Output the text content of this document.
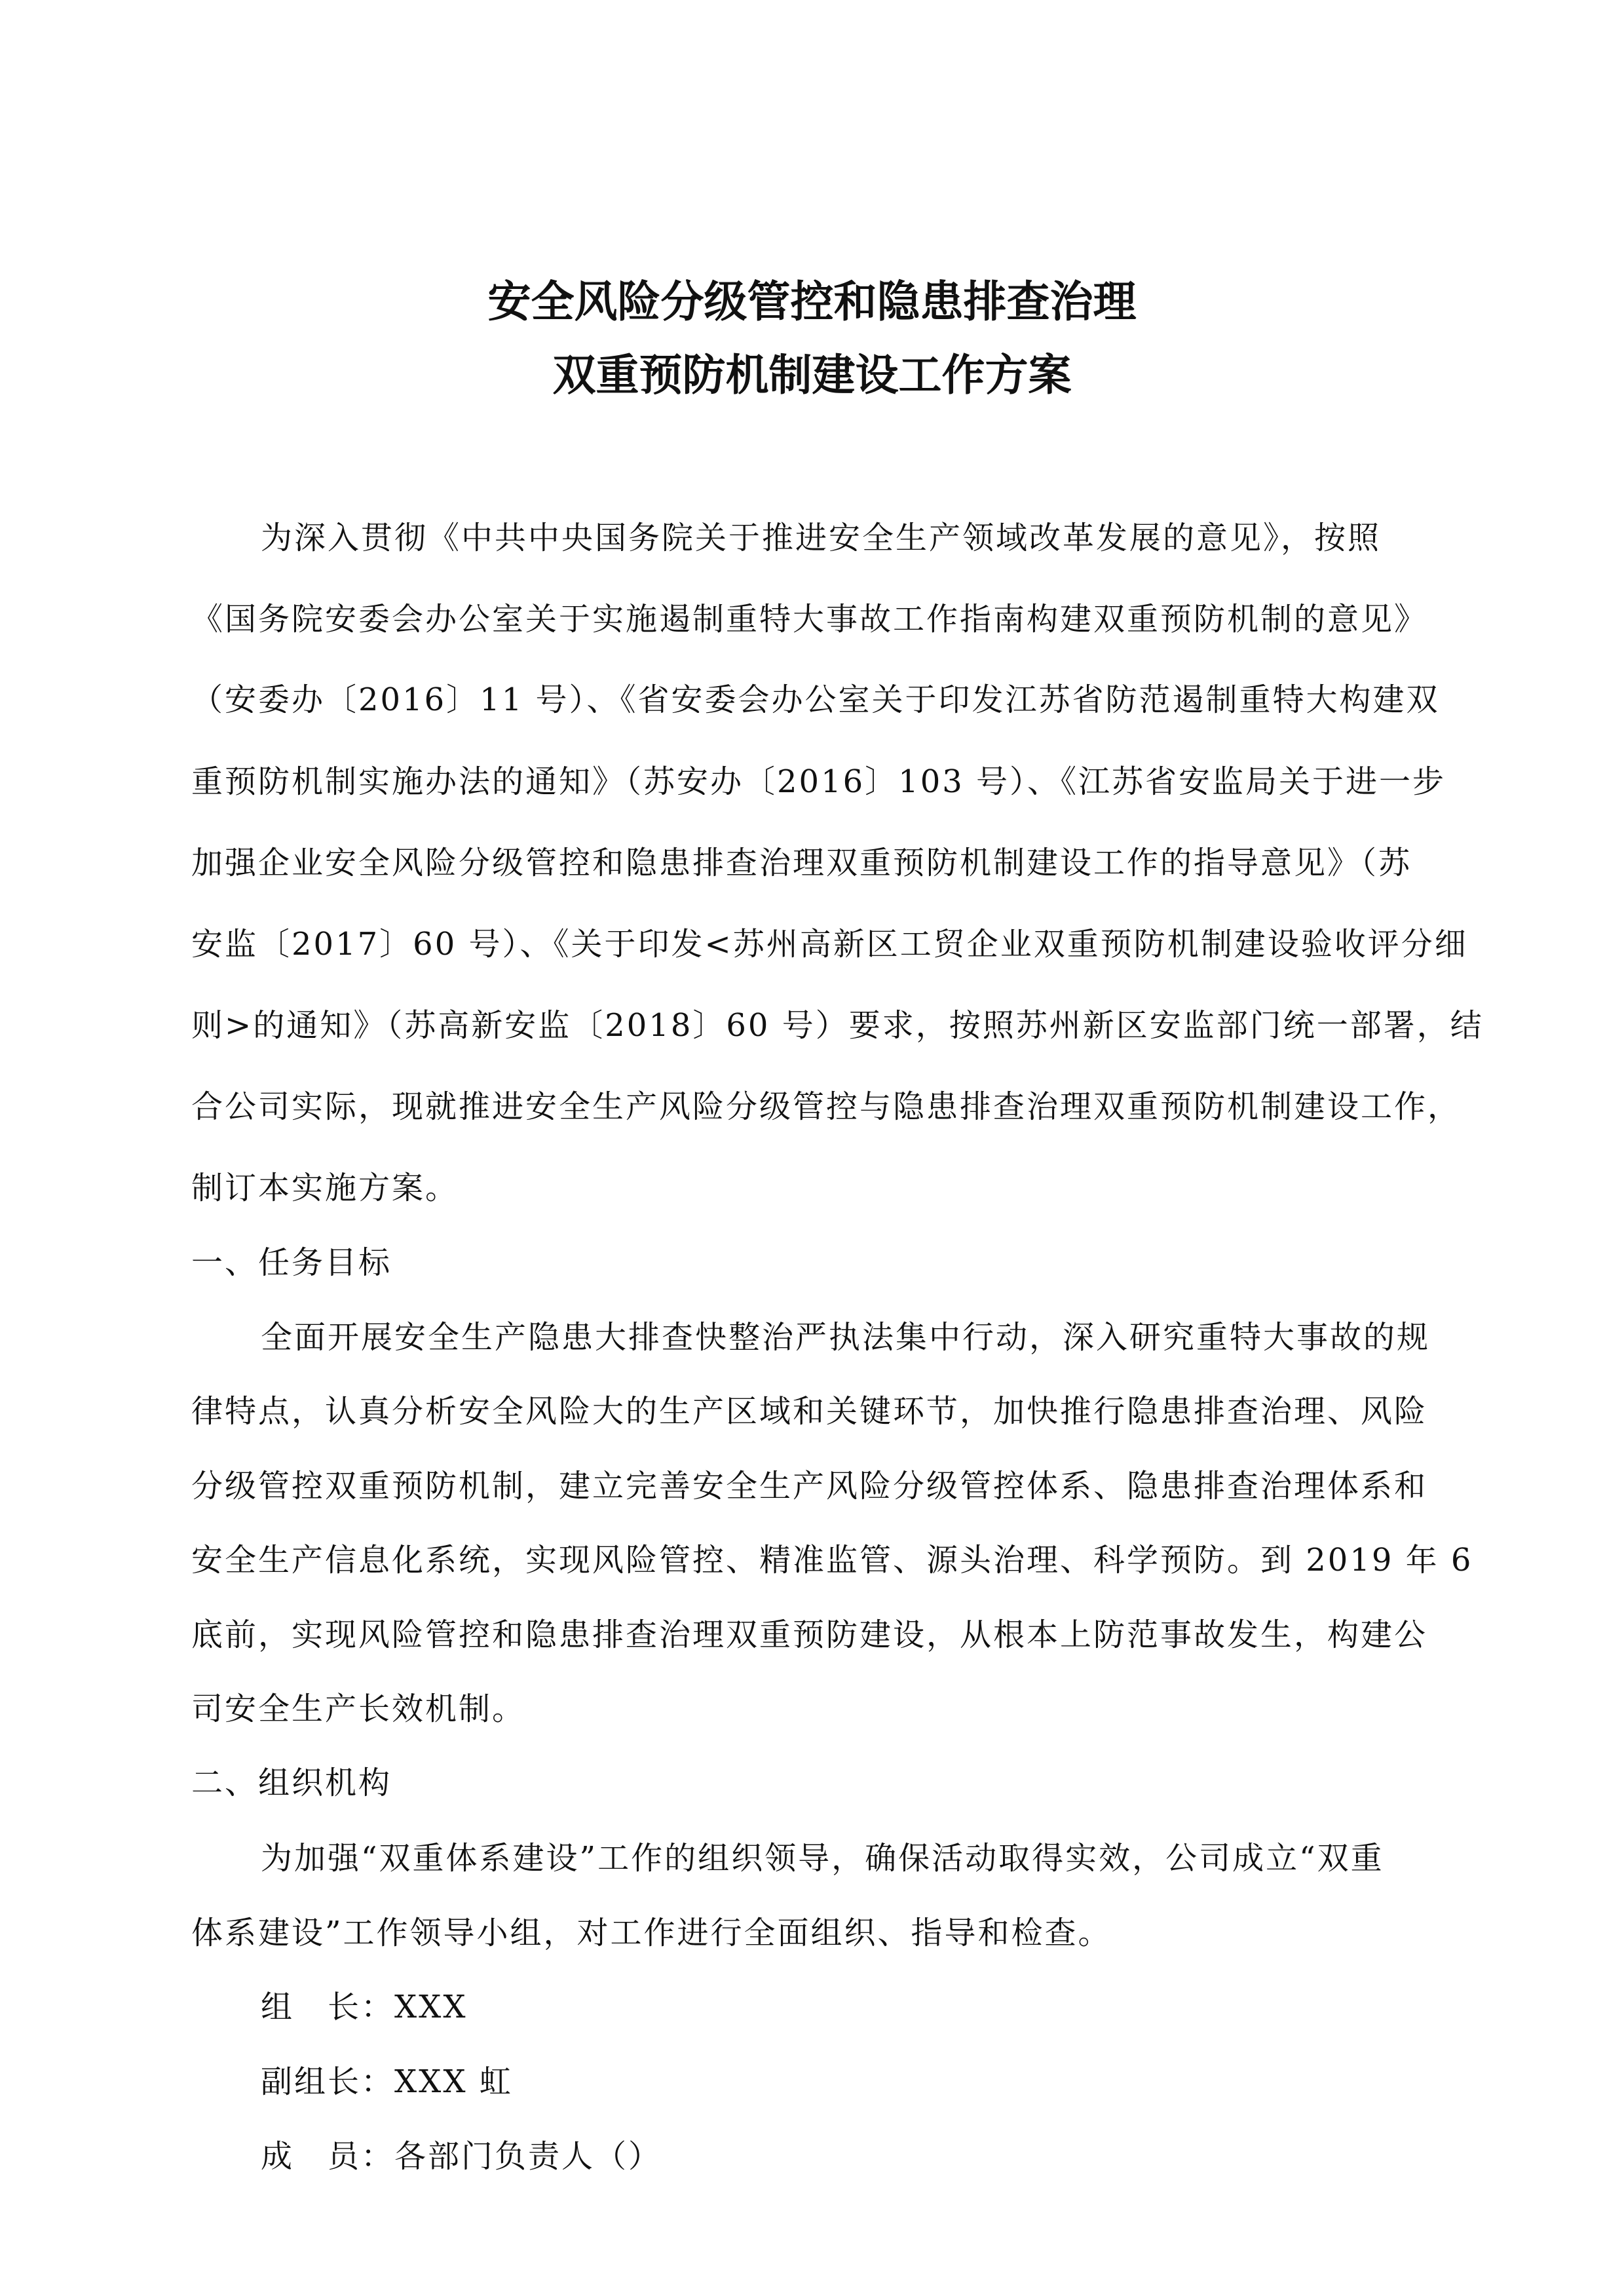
安全风险分级管控和隐患排查治理
双重预防机制建设工作方案
为深入贯彻《中共中央国务院关于推进安全生产领域改革发展的意见》，按照
《国务院安委会办公室关于实施遏制重特大事故工作指南构建双重预防机制的意见》
（安委办〔2016〕11 号）、《省安委会办公室关于印发江苏省防范遏制重特大构建双
重预防机制实施办法的通知》（苏安办〔2016〕103 号）、《江苏省安监局关于进一步
加强企业安全风险分级管控和隐患排查治理双重预防机制建设工作的指导意见》（苏
安监〔2017〕60 号）、《关于印发<苏州高新区工贸企业双重预防机制建设验收评分细
则>的通知》（苏高新安监〔2018〕60 号）要求，按照苏州新区安监部门统一部署，结
合公司实际，现就推进安全生产风险分级管控与隐患排查治理双重预防机制建设工作，
制订本实施方案。
一、任务目标
全面开展安全生产隐患大排查快整治严执法集中行动，深入研究重特大事故的规
律特点，认真分析安全风险大的生产区域和关键环节，加快推行隐患排查治理、风险
分级管控双重预防机制，建立完善安全生产风险分级管控体系、隐患排查治理体系和
安全生产信息化系统，实现风险管控、精准监管、源头治理、科学预防。到 2019 年 6
底前，实现风险管控和隐患排查治理双重预防建设，从根本上防范事故发生，构建公
司安全生产长效机制。
二、组织机构
为加强“双重体系建设”工作的组织领导，确保活动取得实效，公司成立“双重
体系建设”工作领导小组，对工作进行全面组织、指导和检查。
组　长：XXX
副组长：XXX 虹
成　员：各部门负责人（）
